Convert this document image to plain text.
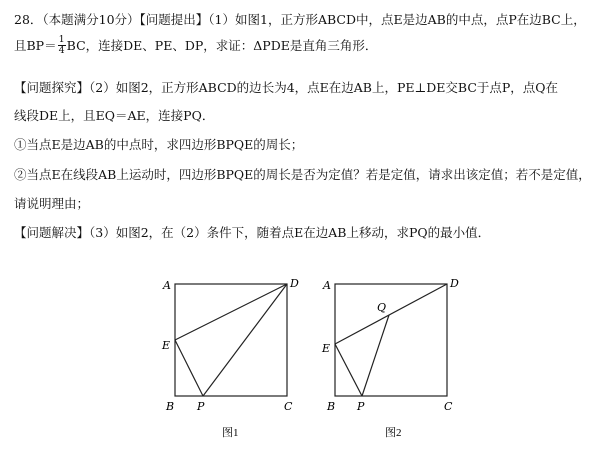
28．（本题满分10分）【问题提出】（1）如图1，正方形ABCD中，点E是边AB的中点，点P在边BC上，
且$BP= \frac{1}{4}$ BC，连接DE、PE、DP，求证：ΔPDE是直角三角形．
【问题探究】（2）如图2，正方形ABCD的边长为4，点E在边AB上，PE⊥DE交BC于点P，点Q在
线段DE上，且EQ＝AE，连接PQ．
①当点E是边AB的中点时，求四边形BPQE的周长；
②当点E在线段AB上运动时，四边形BPQE的周长是否为定值？若是定值，请求出该定值；若不是定值，
请说明理由；
【问题解决】（3）如图2，在（2）条件下，随着点E在边AB上移动，求PQ的最小值．
A	D
E
B P	C
图1
A	D
Q
E
B P	C
图2
